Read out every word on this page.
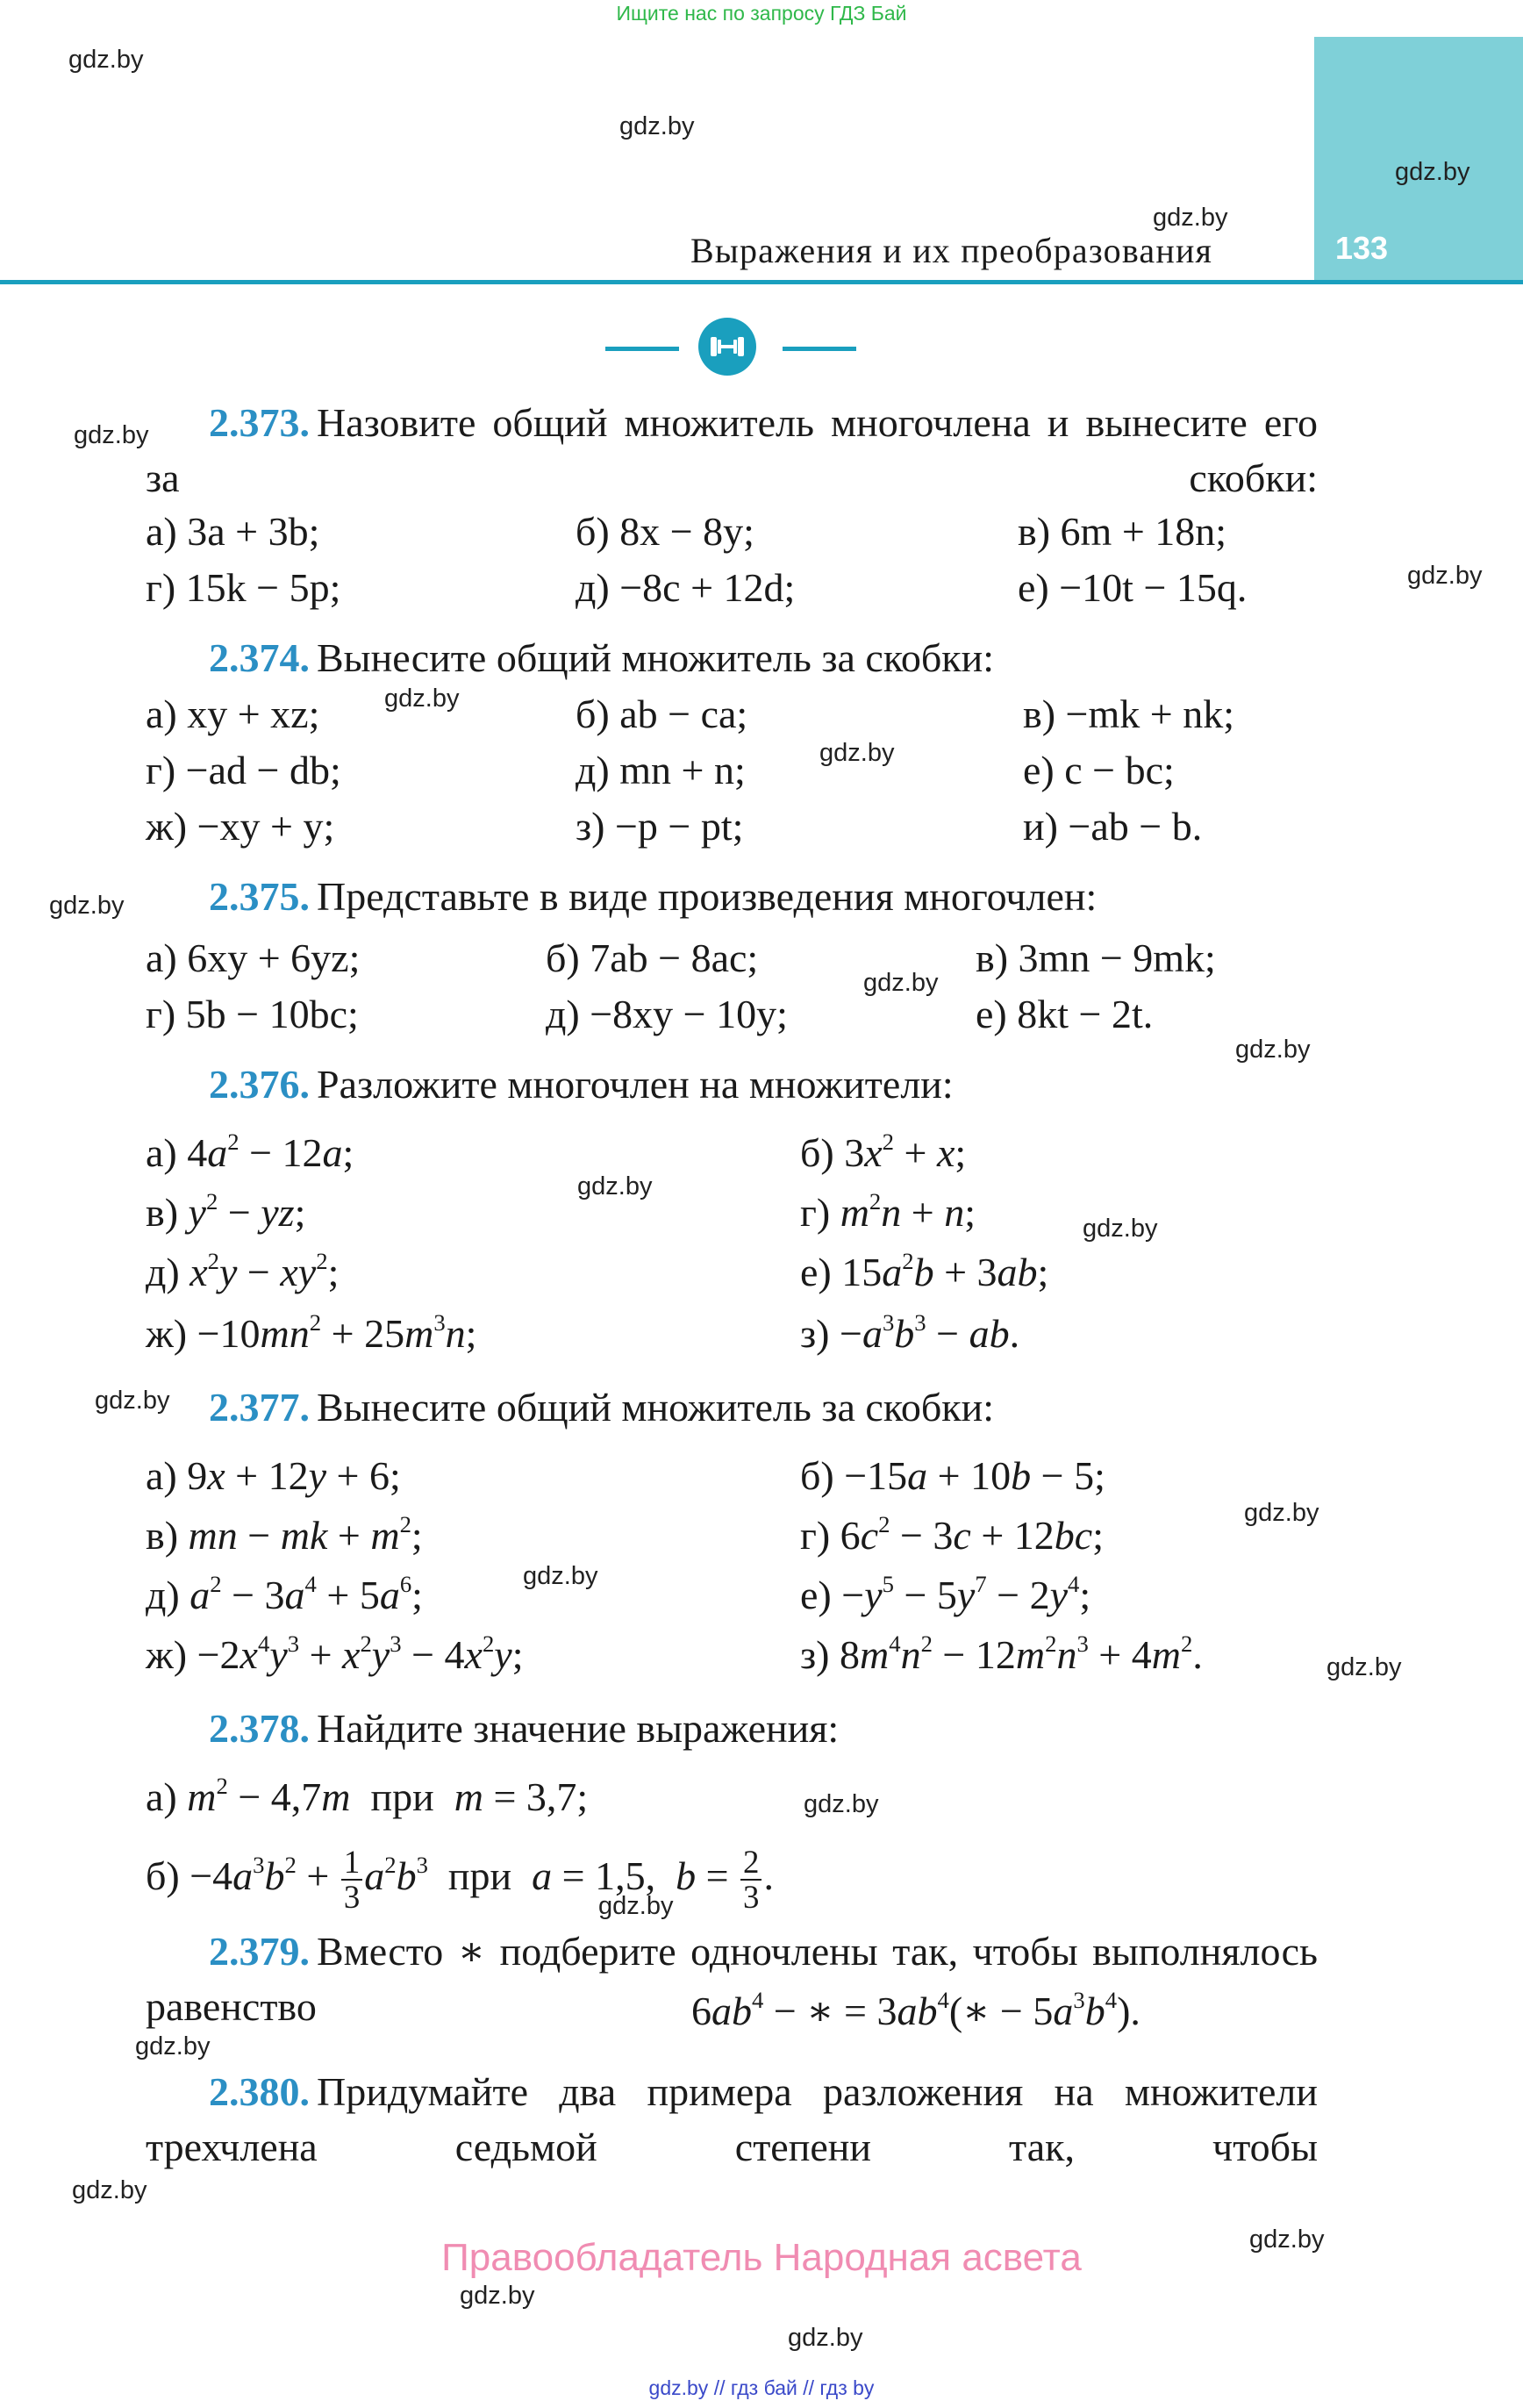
Ищите нас по запросу ГДЗ Бай
gdz.by // гдз бай // гдз by
133
Выражения и их преобразования
gdz.by
gdz.by
gdz.by
gdz.by
gdz.by
gdz.by
gdz.by
gdz.by
gdz.by
gdz.by
gdz.by
gdz.by
gdz.by
gdz.by
gdz.by
gdz.by
gdz.by
gdz.by
gdz.by
gdz.by
gdz.by
gdz.by
gdz.by
gdz.by
2.373. Назовите общий множитель многочлена и вынесите его за скобки:
а) 3a + 3b;	б) 8x − 8y;	в) 6m + 18n;
г) 15k − 5p;	д) −8c + 12d;	е) −10t − 15q.
2.374. Вынесите общий множитель за скобки:
а) xy + xz;	б) ab − ca;	в) −mk + nk;
г) −ad − db;	д) mn + n;	е) c − bc;
ж) −xy + y;	з) −p − pt;	и) −ab − b.
2.375. Представьте в виде произведения многочлен:
а) 6xy + 6yz;	б) 7ab − 8ac;	в) 3mn − 9mk;
г) 5b − 10bc;	д) −8xy − 10y;	е) 8kt − 2t.
2.376. Разложите многочлен на множители:
а) $4a^2 - 12a$;	б) $3x^2 + x$;
в) $y^2$ − yz;	г) $m^2n + n$;
д) $x^2y - xy^2$;	е) $15a^2b + 3ab$;
$ж) -10mn^2 + 25m^3n$;	$з) -a^3b^3$ − ab.
2.377. Вынесите общий множитель за скобки:
а) 9x + 12y + 6;	б) −15a + 10b − 5;
в) mn − mk + $m^2$;	г) $6c^2 - 3c + 12bc$;
д) $a^2 - 3a^4 + 5a^6$;	$е) -y^5 - 5y^7 - 2y^4$;
$ж) -2x^4y^3 + x^2y^3 - 4x^2y$;	з) $8m^4n^2 - 12m^2n^3 + 4m^2$.
2.378. Найдите значение выражения:
а) $m^2 - 4,7m$  при  m = 3,7;
$б) -4a^3b^2 + \frac{1}{3} a^2b^3$  при  a = 1,5,  $b = \frac{2}{3}$ .
2.379. Вместо ∗ подберите одночлены так, чтобы выполнялось равенство	$6ab^4$ − ∗ = $3ab^4(∗ - 5a^3b^4)$.
2.380. Придумайте два примера разложения на множители трехчлена седьмой степени так, чтобы
Правообладатель Народная асвета
